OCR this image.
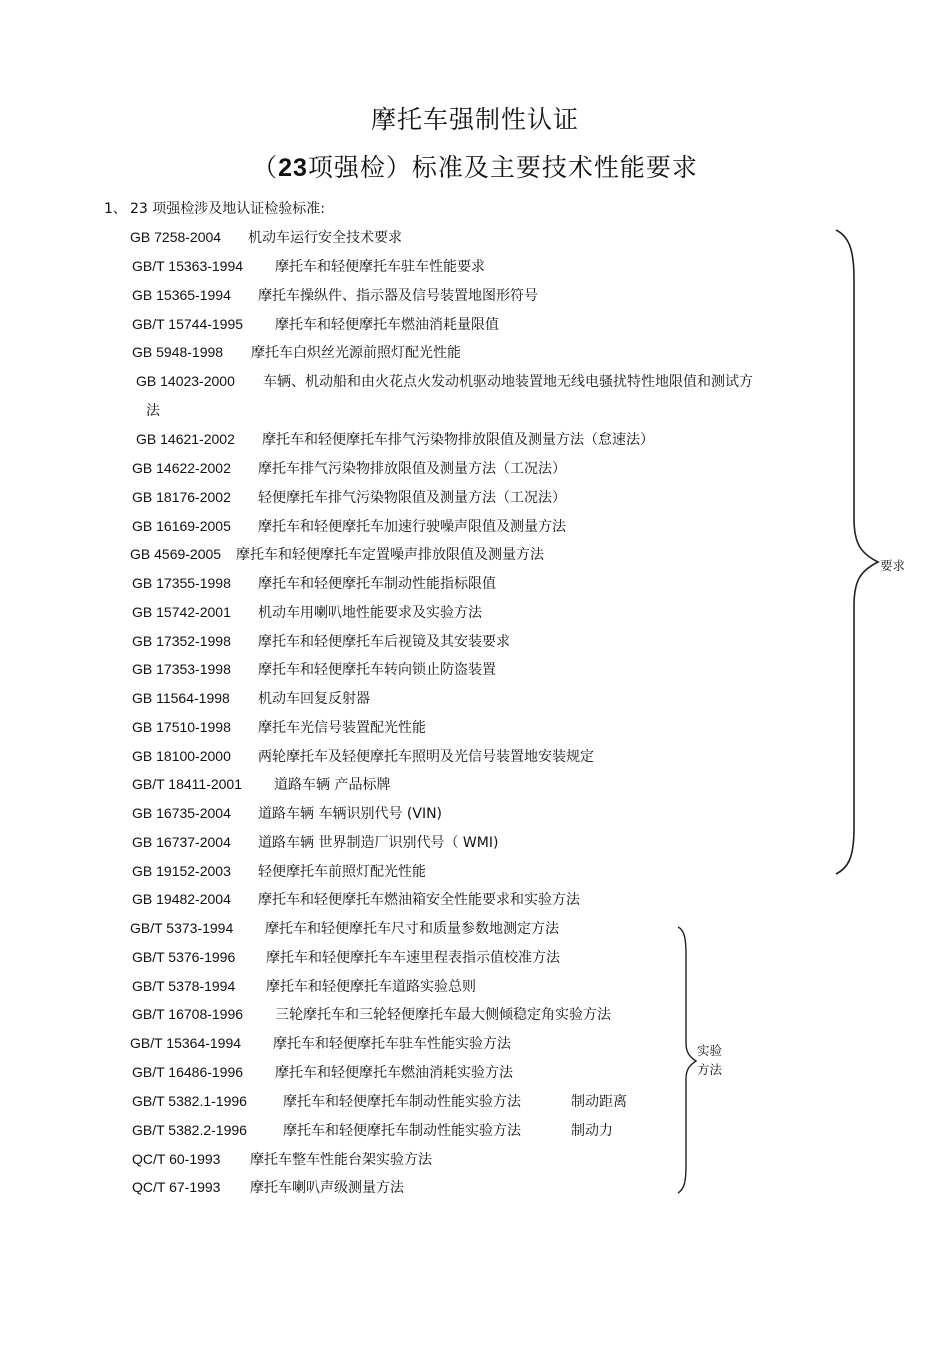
摩托车强制性认证
（23项强检）标准及主要技术性能要求
1、 23 项强检涉及地认证检验标准:
GB 7258-2004 机动车运行安全技术要求
GB/T 15363-1994 摩托车和轻便摩托车驻车性能要求
GB 15365-1994 摩托车操纵件、指示器及信号装置地图形符号
GB/T 15744-1995 摩托车和轻便摩托车燃油消耗量限值
GB 5948-1998 摩托车白炽丝光源前照灯配光性能
GB 14023-2000 车辆、机动船和由火花点火发动机驱动地装置地无线电骚扰特性地限值和测试方
法
GB 14621-2002 摩托车和轻便摩托车排气污染物排放限值及测量方法（怠速法）
GB 14622-2002 摩托车排气污染物排放限值及测量方法（工况法）
GB 18176-2002 轻便摩托车排气污染物限值及测量方法（工况法）
GB 16169-2005 摩托车和轻便摩托车加速行驶噪声限值及测量方法
GB 4569-2005 摩托车和轻便摩托车定置噪声排放限值及测量方法
GB 17355-1998 摩托车和轻便摩托车制动性能指标限值
GB 15742-2001 机动车用喇叭地性能要求及实验方法
GB 17352-1998 摩托车和轻便摩托车后视镜及其安装要求
GB 17353-1998 摩托车和轻便摩托车转向锁止防盗装置
GB 11564-1998 机动车回复反射器
GB 17510-1998 摩托车光信号装置配光性能
GB 18100-2000 两轮摩托车及轻便摩托车照明及光信号装置地安装规定
GB/T 18411-2001 道路车辆 产品标牌
GB 16735-2004 道路车辆 车辆识别代号 (VIN)
GB 16737-2004 道路车辆 世界制造厂识别代号（ WMI)
GB 19152-2003 轻便摩托车前照灯配光性能
GB 19482-2004 摩托车和轻便摩托车燃油箱安全性能要求和实验方法
GB/T 5373-1994 摩托车和轻便摩托车尺寸和质量参数地测定方法
GB/T 5376-1996 摩托车和轻便摩托车车速里程表指示值校准方法
GB/T 5378-1994 摩托车和轻便摩托车道路实验总则
GB/T 16708-1996 三轮摩托车和三轮轻便摩托车最大侧倾稳定角实验方法
GB/T 15364-1994 摩托车和轻便摩托车驻车性能实验方法
GB/T 16486-1996 摩托车和轻便摩托车燃油消耗实验方法
GB/T 5382.1-1996	摩托车和轻便摩托车制动性能实验方法	制动距离
GB/T 5382.2-1996	摩托车和轻便摩托车制动性能实验方法	制动力
QC/T 60-1993 摩托车整车性能台架实验方法
QC/T 67-1993 摩托车喇叭声级测量方法
要求
实验
方法
